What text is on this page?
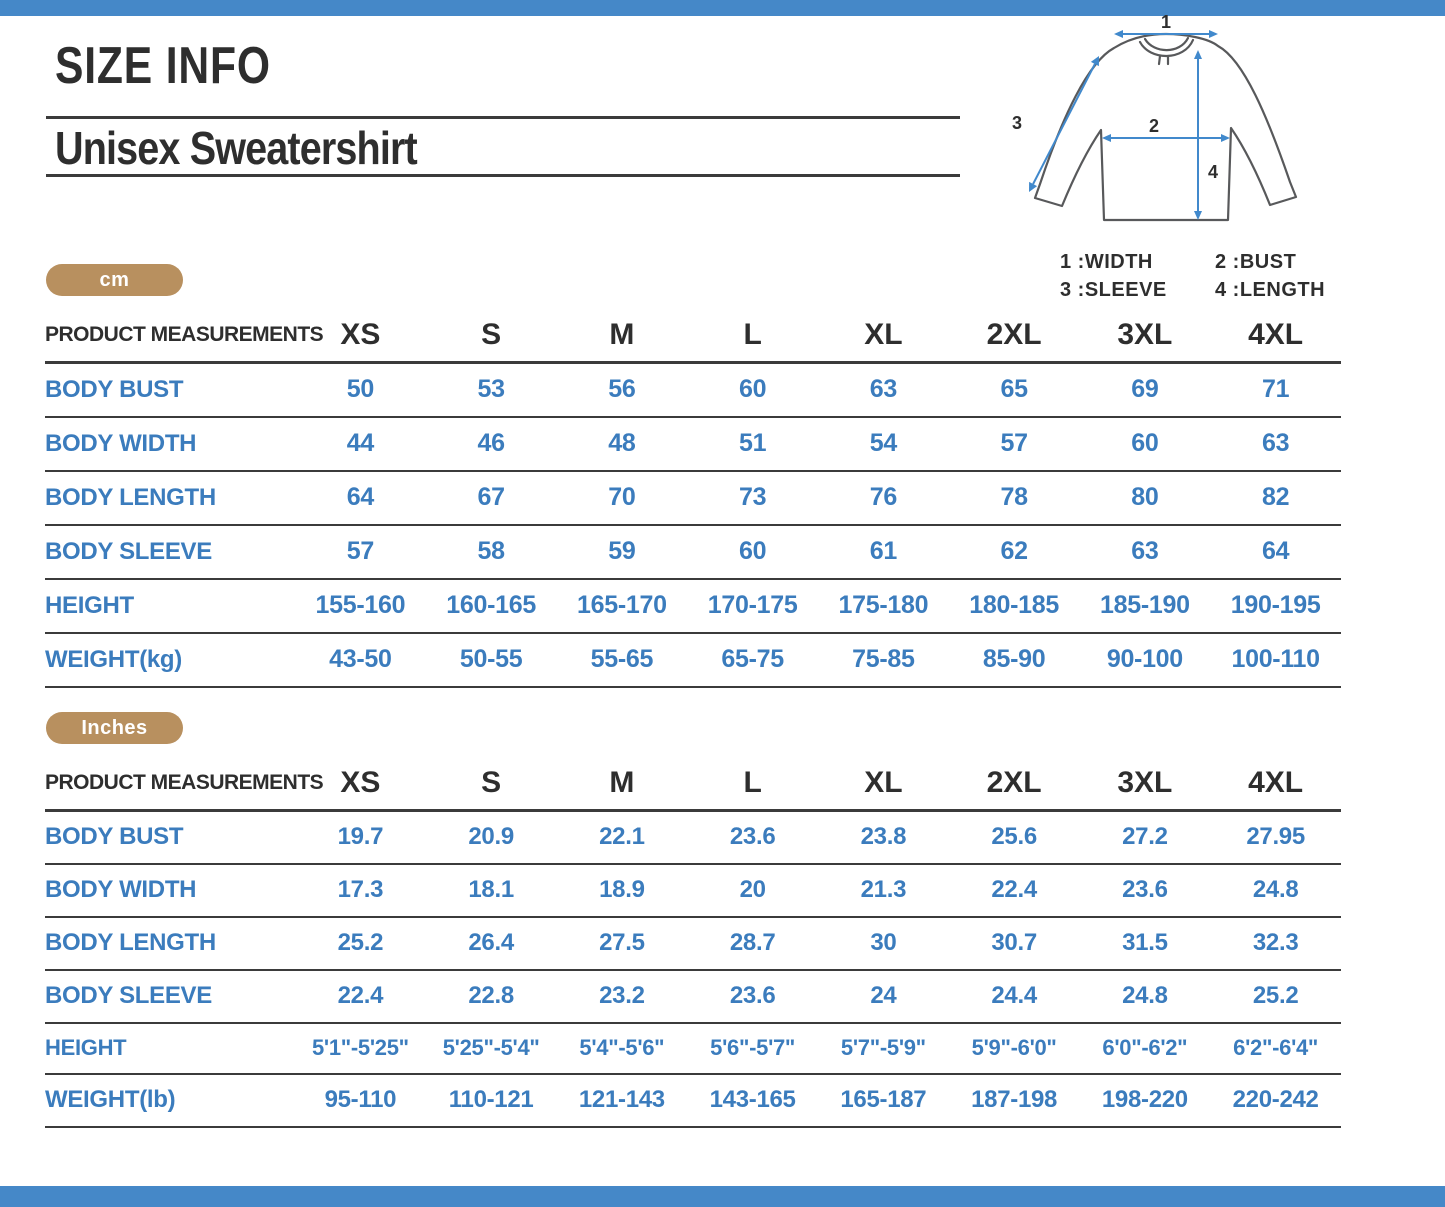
SIZE INFO
Unisex Sweatershirt
1
2
3
4
1 :WIDTH	2 :BUST
3 :SLEEVE	4 :LENGTH
cm
PRODUCT MEASUREMENTS	XS	S	M	L	XL	2XL	3XL	4XL
BODY BUST	50	53	56	60	63	65	69	71
BODY WIDTH	44	46	48	51	54	57	60	63
BODY LENGTH	64	67	70	73	76	78	80	82
BODY SLEEVE	57	58	59	60	61	62	63	64
HEIGHT	155-160	160-165	165-170	170-175	175-180	180-185	185-190	190-195
WEIGHT(kg)	43-50	50-55	55-65	65-75	75-85	85-90	90-100	100-110
Inches
PRODUCT MEASUREMENTS	XS	S	M	L	XL	2XL	3XL	4XL
BODY BUST	19.7	20.9	22.1	23.6	23.8	25.6	27.2	27.95
BODY WIDTH	17.3	18.1	18.9	20	21.3	22.4	23.6	24.8
BODY LENGTH	25.2	26.4	27.5	28.7	30	30.7	31.5	32.3
BODY SLEEVE	22.4	22.8	23.2	23.6	24	24.4	24.8	25.2
HEIGHT	5'1"-5'25"	5'25"-5'4"	5'4"-5'6"	5'6"-5'7"	5'7"-5'9"	5'9"-6'0"	6'0"-6'2"	6'2"-6'4"
WEIGHT(lb)	95-110	110-121	121-143	143-165	165-187	187-198	198-220	220-242
